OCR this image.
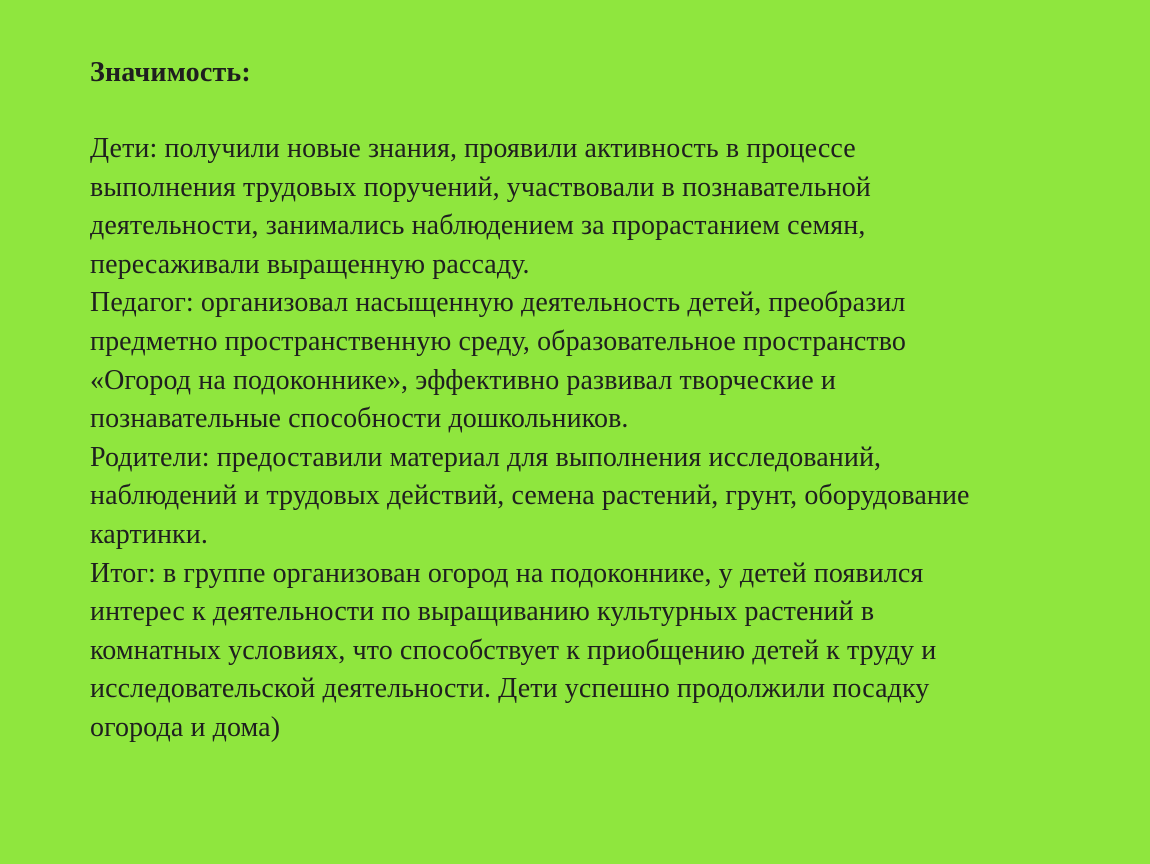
Значимость:

Дети: получили новые знания, проявили активность в процессе

выполнения трудовых поручений, участвовали в познавательной

деятельности, занимались наблюдением за прорастанием семян,

пересаживали выращенную рассаду.

Педагог: организовал насыщенную деятельность детей, преобразил

предметно пространственную среду, образовательное пространство

«Огород на подоконнике», эффективно развивал творческие и

познавательные способности дошкольников.

Родители: предоставили материал для выполнения исследований,

наблюдений и трудовых действий, семена растений, грунт, оборудование

картинки.

Итог: в группе организован огород на подоконнике, у детей появился

интерес к деятельности по выращиванию культурных растений в

комнатных условиях, что способствует к приобщению детей к труду и

исследовательской деятельности. Дети успешно продолжили посадку

огорода и дома)
